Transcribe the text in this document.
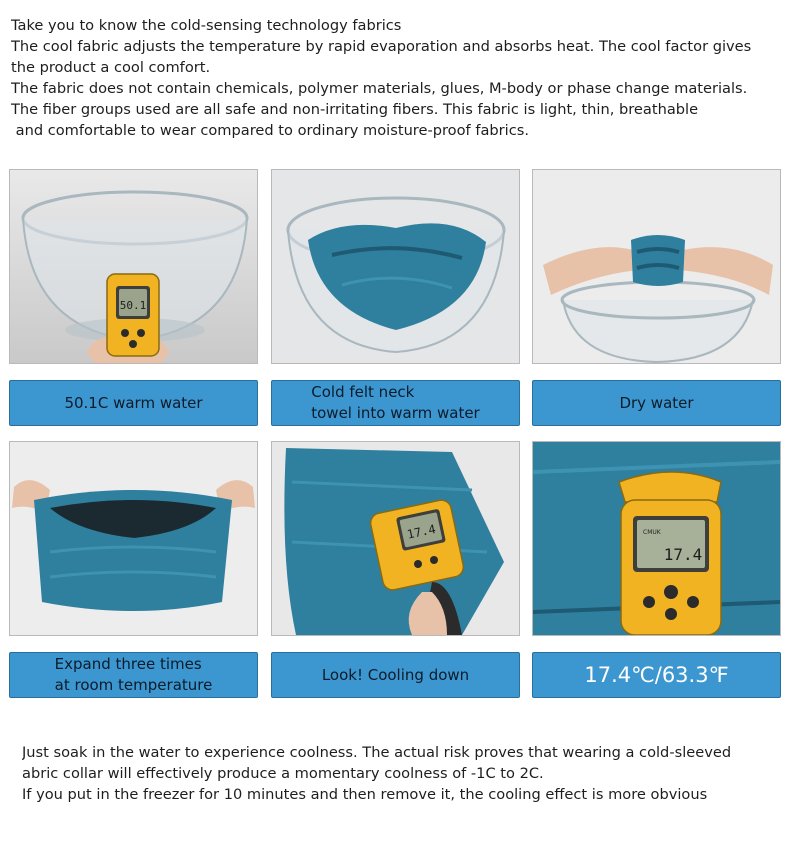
Take you to know the cold-sensing technology fabrics
The cool fabric adjusts the temperature by rapid evaporation and absorbs heat. The cool factor gives
the product a cool comfort.
The fabric does not contain chemicals, polymer materials, glues, M-body or phase change materials.
The fiber groups used are all safe and non-irritating fibers. This fabric is light, thin, breathable
and comfortable to wear compared to ordinary moisture-proof fabrics.
50.1
50.1C warm water
Cold felt neck
towel into warm water
Dry water
17.4	CMUK
17.4
Expand three times
at room temperature
Look! Cooling down	17.4℃/63.3℉
Just soak in the water to experience coolness. The actual risk proves that wearing a cold-sleeved
abric collar will effectively produce a momentary coolness of -1C to 2C.
If you put in the freezer for 10 minutes and then remove it, the cooling effect is more obvious
